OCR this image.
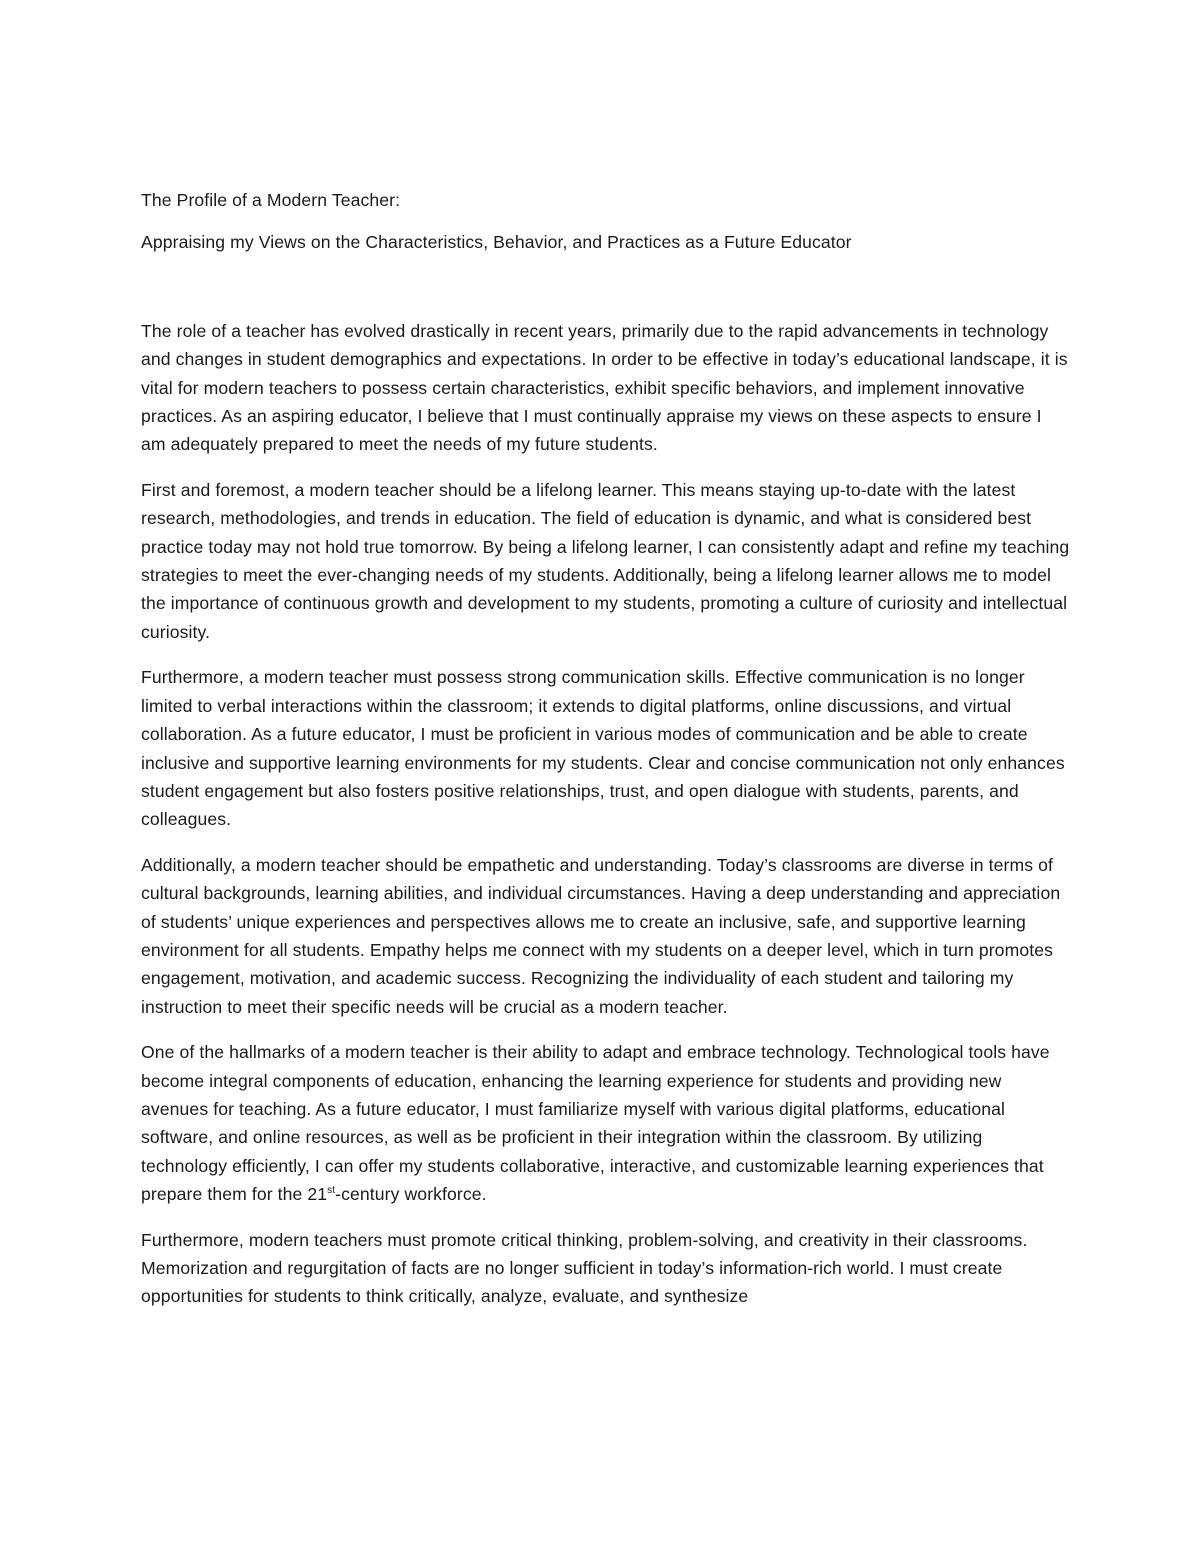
The Profile of a Modern Teacher:

Appraising my Views on the Characteristics, Behavior, and Practices as a Future Educator

The role of a teacher has evolved drastically in recent years, primarily due to the rapid advancements in technology and changes in student demographics and expectations. In order to be effective in today’s educational landscape, it is vital for modern teachers to possess certain characteristics, exhibit specific behaviors, and implement innovative practices. As an aspiring educator, I believe that I must continually appraise my views on these aspects to ensure I am adequately prepared to meet the needs of my future students.

First and foremost, a modern teacher should be a lifelong learner. This means staying up-to-date with the latest research, methodologies, and trends in education. The field of education is dynamic, and what is considered best practice today may not hold true tomorrow. By being a lifelong learner, I can consistently adapt and refine my teaching strategies to meet the ever-changing needs of my students. Additionally, being a lifelong learner allows me to model the importance of continuous growth and development to my students, promoting a culture of curiosity and intellectual curiosity.

Furthermore, a modern teacher must possess strong communication skills. Effective communication is no longer limited to verbal interactions within the classroom; it extends to digital platforms, online discussions, and virtual collaboration. As a future educator, I must be proficient in various modes of communication and be able to create inclusive and supportive learning environments for my students. Clear and concise communication not only enhances student engagement but also fosters positive relationships, trust, and open dialogue with students, parents, and colleagues.

Additionally, a modern teacher should be empathetic and understanding. Today’s classrooms are diverse in terms of cultural backgrounds, learning abilities, and individual circumstances. Having a deep understanding and appreciation of students’ unique experiences and perspectives allows me to create an inclusive, safe, and supportive learning environment for all students. Empathy helps me connect with my students on a deeper level, which in turn promotes engagement, motivation, and academic success. Recognizing the individuality of each student and tailoring my instruction to meet their specific needs will be crucial as a modern teacher.

One of the hallmarks of a modern teacher is their ability to adapt and embrace technology. Technological tools have become integral components of education, enhancing the learning experience for students and providing new avenues for teaching. As a future educator, I must familiarize myself with various digital platforms, educational software, and online resources, as well as be proficient in their integration within the classroom. By utilizing technology efficiently, I can offer my students collaborative, interactive, and customizable learning experiences that prepare them for the 21st-century workforce.

Furthermore, modern teachers must promote critical thinking, problem-solving, and creativity in their classrooms. Memorization and regurgitation of facts are no longer sufficient in today’s information-rich world. I must create opportunities for students to think critically, analyze, evaluate, and synthesize
